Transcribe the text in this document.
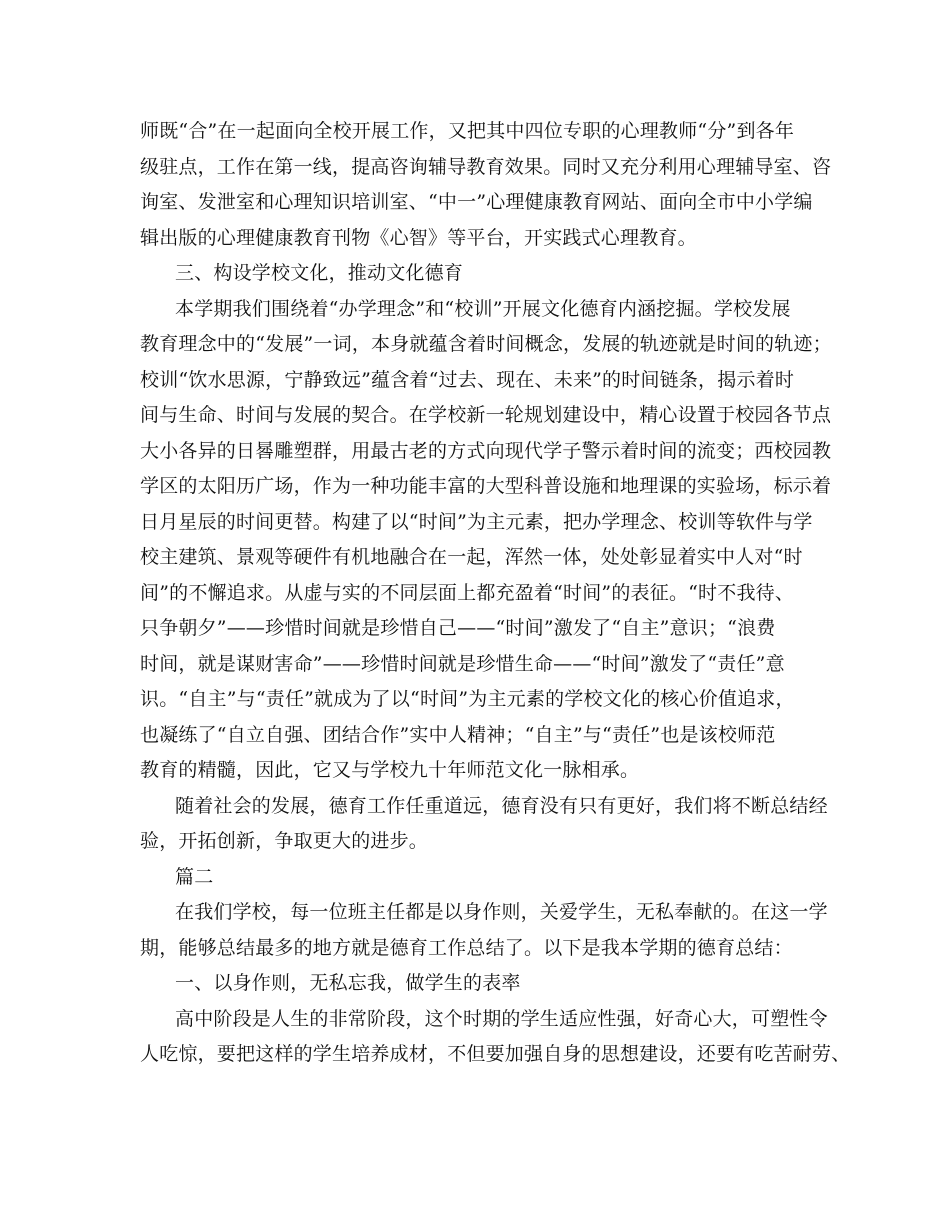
师既“合”在一起面向全校开展工作，又把其中四位专职的心理教师“分”到各年
级驻点，工作在第一线，提高咨询辅导教育效果。同时又充分利用心理辅导室、咨
询室、发泄室和心理知识培训室、“中一”心理健康教育网站、面向全市中小学编
辑出版的心理健康教育刊物《心智》等平台，开实践式心理教育。
三、构设学校文化，推动文化德育
本学期我们围绕着“办学理念”和“校训”开展文化德育内涵挖掘。学校发展
教育理念中的“发展”一词，本身就蕴含着时间概念，发展的轨迹就是时间的轨迹；
校训“饮水思源，宁静致远”蕴含着“过去、现在、未来”的时间链条，揭示着时
间与生命、时间与发展的契合。在学校新一轮规划建设中，精心设置于校园各节点
大小各异的日晷雕塑群，用最古老的方式向现代学子警示着时间的流变；西校园教
学区的太阳历广场，作为一种功能丰富的大型科普设施和地理课的实验场，标示着
日月星辰的时间更替。构建了以“时间”为主元素，把办学理念、校训等软件与学
校主建筑、景观等硬件有机地融合在一起，浑然一体，处处彰显着实中人对“时
间”的不懈追求。从虚与实的不同层面上都充盈着“时间”的表征。“时不我待、
只争朝夕”——珍惜时间就是珍惜自己——“时间”激发了“自主”意识；“浪费
时间，就是谋财害命”——珍惜时间就是珍惜生命——“时间”激发了“责任”意
识。“自主”与“责任”就成为了以“时间”为主元素的学校文化的核心价值追求，
也凝练了“自立自强、团结合作”实中人精神；“自主”与“责任”也是该校师范
教育的精髓，因此，它又与学校九十年师范文化一脉相承。
随着社会的发展，德育工作任重道远，德育没有只有更好，我们将不断总结经
验，开拓创新，争取更大的进步。
篇二
在我们学校，每一位班主任都是以身作则，关爱学生，无私奉献的。在这一学
期，能够总结最多的地方就是德育工作总结了。以下是我本学期的德育总结：
一、以身作则，无私忘我，做学生的表率
高中阶段是人生的非常阶段，这个时期的学生适应性强，好奇心大，可塑性令
人吃惊，要把这样的学生培养成材，不但要加强自身的思想建设，还要有吃苦耐劳、
